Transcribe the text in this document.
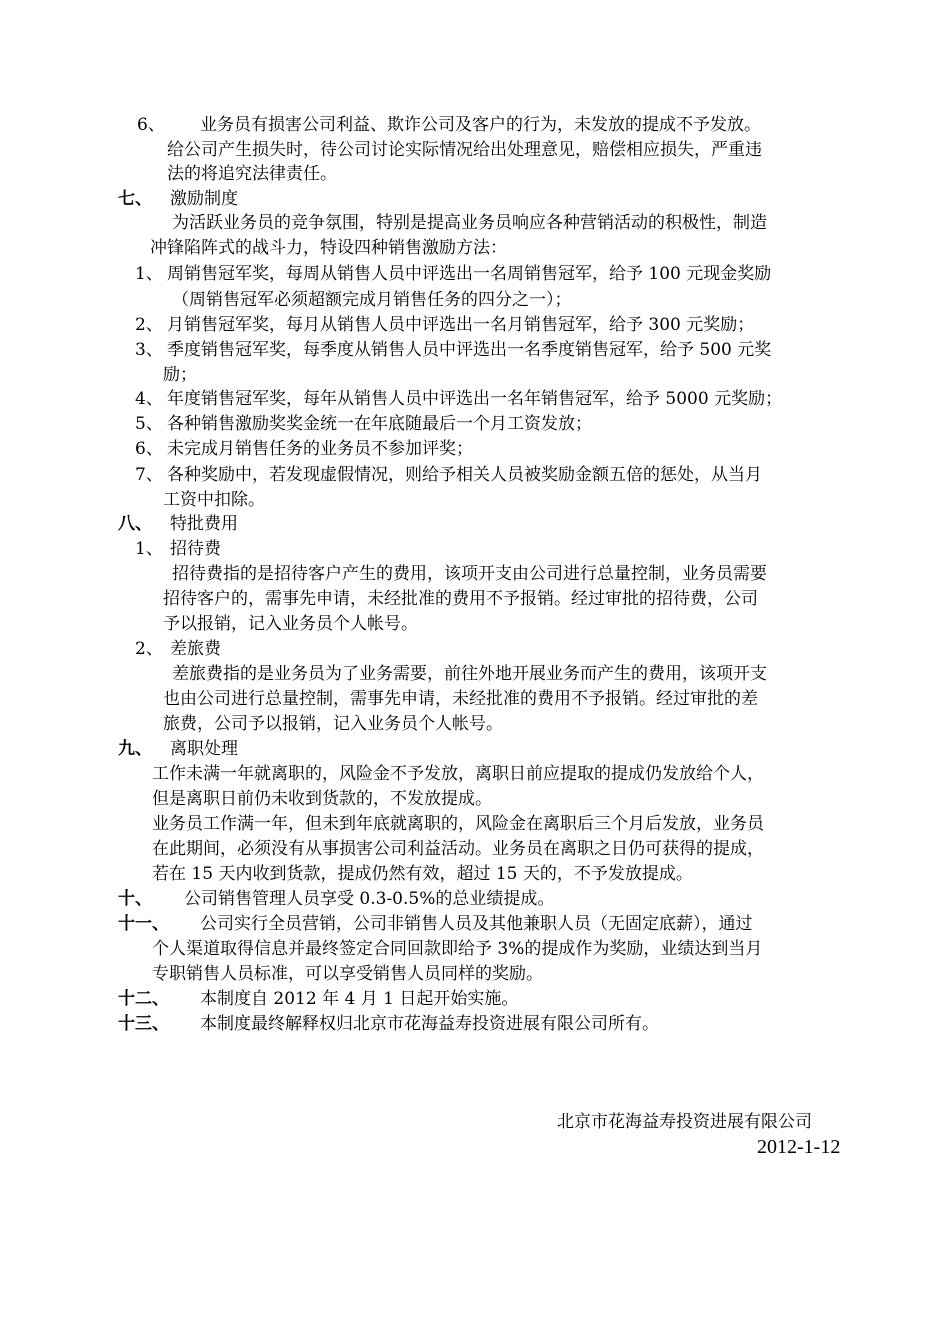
6、 业务员有损害公司利益、欺诈公司及客户的行为，未发放的提成不予发放。
给公司产生损失时，待公司讨论实际情况给出处理意见，赔偿相应损失，严重违
法的将追究法律责任。
七、 激励制度
为活跃业务员的竞争氛围，特别是提高业务员响应各种营销活动的积极性，制造
冲锋陷阵式的战斗力，特设四种销售激励方法：
1、 周销售冠军奖，每周从销售人员中评选出一名周销售冠军，给予 100 元现金奖励
（周销售冠军必须超额完成月销售任务的四分之一）；
2、 月销售冠军奖，每月从销售人员中评选出一名月销售冠军，给予 300 元奖励；
3、 季度销售冠军奖，每季度从销售人员中评选出一名季度销售冠军，给予 500 元奖
励；
4、 年度销售冠军奖，每年从销售人员中评选出一名年销售冠军，给予 5000 元奖励；
5、 各种销售激励奖奖金统一在年底随最后一个月工资发放；
6、 未完成月销售任务的业务员不参加评奖；
7、 各种奖励中，若发现虚假情况，则给予相关人员被奖励金额五倍的惩处，从当月
工资中扣除。
八、 特批费用
1、 招待费
招待费指的是招待客户产生的费用，该项开支由公司进行总量控制，业务员需要
招待客户的，需事先申请，未经批准的费用不予报销。经过审批的招待费，公司
予以报销，记入业务员个人帐号。
2、 差旅费
差旅费指的是业务员为了业务需要，前往外地开展业务而产生的费用，该项开支
也由公司进行总量控制，需事先申请，未经批准的费用不予报销。经过审批的差
旅费，公司予以报销，记入业务员个人帐号。
九、 离职处理
工作未满一年就离职的，风险金不予发放，离职日前应提取的提成仍发放给个人，
但是离职日前仍未收到货款的，不发放提成。
业务员工作满一年，但未到年底就离职的，风险金在离职后三个月后发放，业务员
在此期间，必须没有从事损害公司利益活动。业务员在离职之日仍可获得的提成，
若在 15 天内收到货款，提成仍然有效，超过 15 天的，不予发放提成。
十、 公司销售管理人员享受 0.3-0.5%的总业绩提成。
十一、 公司实行全员营销，公司非销售人员及其他兼职人员（无固定底薪），通过
个人渠道取得信息并最终签定合同回款即给予 3%的提成作为奖励，业绩达到当月
专职销售人员标准，可以享受销售人员同样的奖励。
十二、 本制度自 2012 年 4 月 1 日起开始实施。
十三、 本制度最终解释权归北京市花海益寿投资进展有限公司所有。
北京市花海益寿投资进展有限公司
2012-1-12
